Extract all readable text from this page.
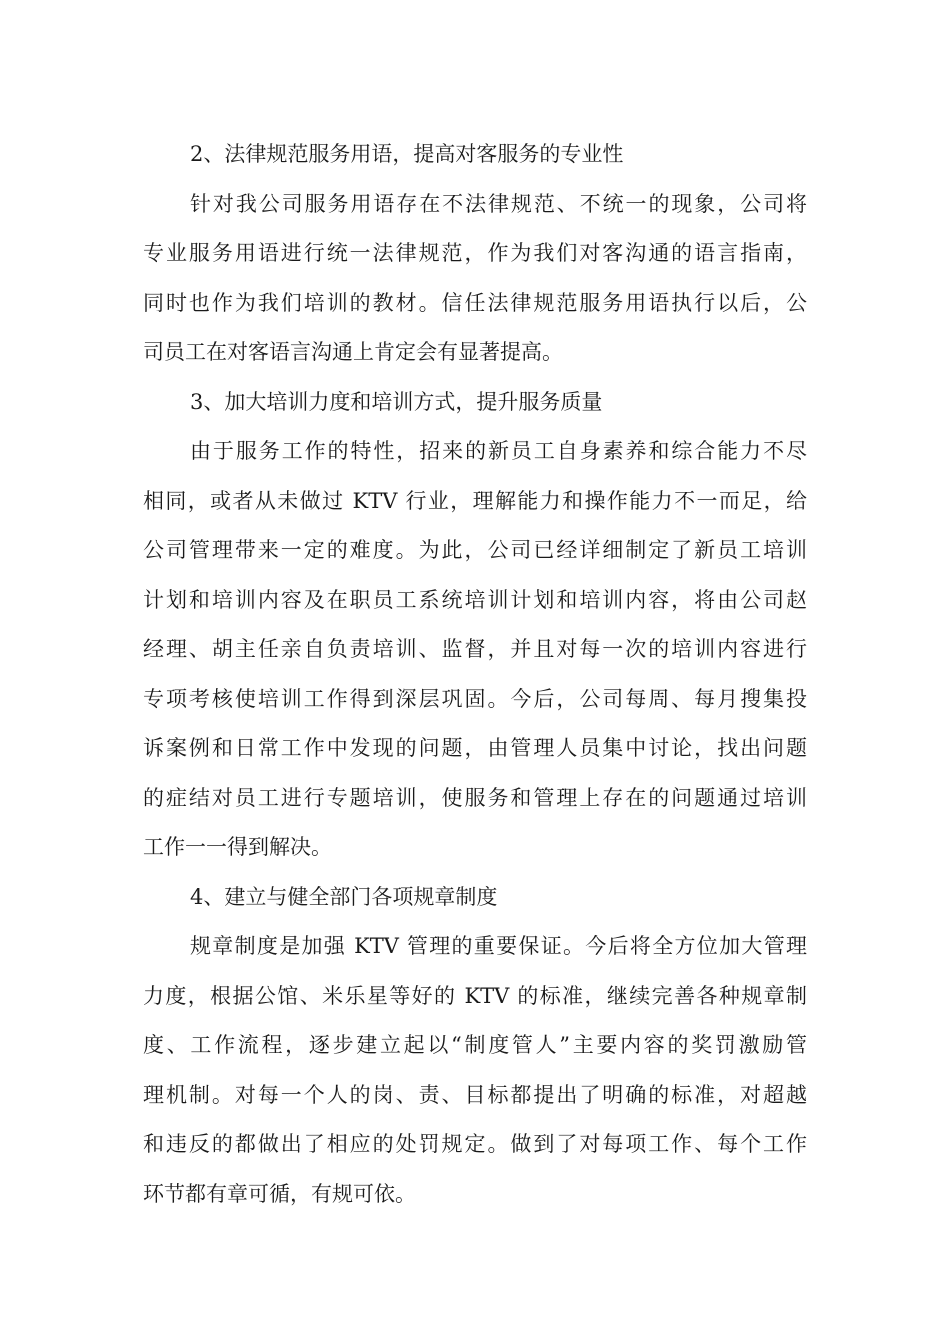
2、法律规范服务用语，提高对客服务的专业性
针对我公司服务用语存在不法律规范、不统一的现象，公司将
专业服务用语进行统一法律规范，作为我们对客沟通的语言指南，
同时也作为我们培训的教材。信任法律规范服务用语执行以后，公
司员工在对客语言沟通上肯定会有显著提高。
3、加大培训力度和培训方式，提升服务质量
由于服务工作的特性，招来的新员工自身素养和综合能力不尽
相同，或者从未做过 KTV 行业，理解能力和操作能力不一而足，给
公司管理带来一定的难度。为此，公司已经详细制定了新员工培训
计划和培训内容及在职员工系统培训计划和培训内容，将由公司赵
经理、胡主任亲自负责培训、监督，并且对每一次的培训内容进行
专项考核使培训工作得到深层巩固。今后，公司每周、每月搜集投
诉案例和日常工作中发现的问题，由管理人员集中讨论，找出问题
的症结对员工进行专题培训，使服务和管理上存在的问题通过培训
工作一一得到解决。
4、建立与健全部门各项规章制度
规章制度是加强 KTV 管理的重要保证。今后将全方位加大管理
力度，根据公馆、米乐星等好的 KTV 的标准，继续完善各种规章制
度、工作流程，逐步建立起以“制度管人”主要内容的奖罚激励管
理机制。对每一个人的岗、责、目标都提出了明确的标准，对超越
和违反的都做出了相应的处罚规定。做到了对每项工作、每个工作
环节都有章可循，有规可依。
